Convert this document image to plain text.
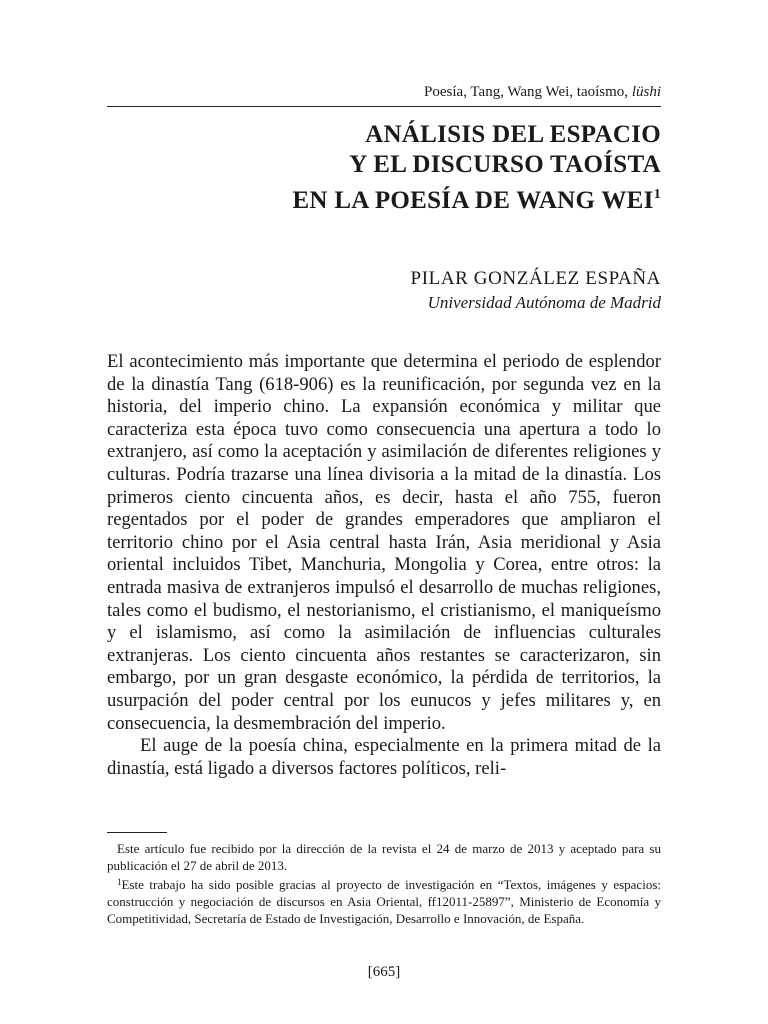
Poesía, Tang, Wang Wei, taoísmo, lüshi
ANÁLISIS DEL ESPACIO
Y EL DISCURSO TAOÍSTA
EN LA POESÍA DE WANG WEI$^1$
PILAR GONZÁLEZ ESPAÑA
Universidad Autónoma de Madrid

El acontecimiento más importante que determina el periodo de esplendor de la dinastía Tang (618-906) es la reunificación, por segunda vez en la historia, del imperio chino. La expansión económica y militar que caracteriza esta época tuvo como consecuencia una apertura a todo lo extranjero, así como la aceptación y asimilación de diferentes religiones y culturas. Podría trazarse una línea divisoria a la mitad de la dinastía. Los primeros ciento cincuenta años, es decir, hasta el año 755, fueron regentados por el poder de grandes emperadores que ampliaron el territorio chino por el Asia central hasta Irán, Asia meridional y Asia oriental incluidos Tibet, Manchuria, Mongolia y Corea, entre otros: la entrada masiva de extranjeros impulsó el desarrollo de muchas religiones, tales como el budismo, el nestorianismo, el cristianismo, el maniqueísmo y el islamismo, así como la asimilación de influencias culturales extranjeras. Los ciento cincuenta años restantes se caracterizaron, sin embargo, por un gran desgaste económico, la pérdida de territorios, la usurpación del poder central por los eunucos y jefes militares y, en consecuencia, la desmembración del imperio.

El auge de la poesía china, especialmente en la primera mitad de la dinastía, está ligado a diversos factores políticos, reli-

Este artículo fue recibido por la dirección de la revista el 24 de marzo de 2013 y aceptado para su publicación el 27 de abril de 2013.

$^1$Este trabajo ha sido posible gracias al proyecto de investigación en “Textos, imágenes y espacios: construcción y negociación de discursos en Asia Oriental, ff12011-25897”, Ministerio de Economía y Competitividad, Secretaría de Estado de Investigación, Desarrollo e Innovación, de España.

[665]
